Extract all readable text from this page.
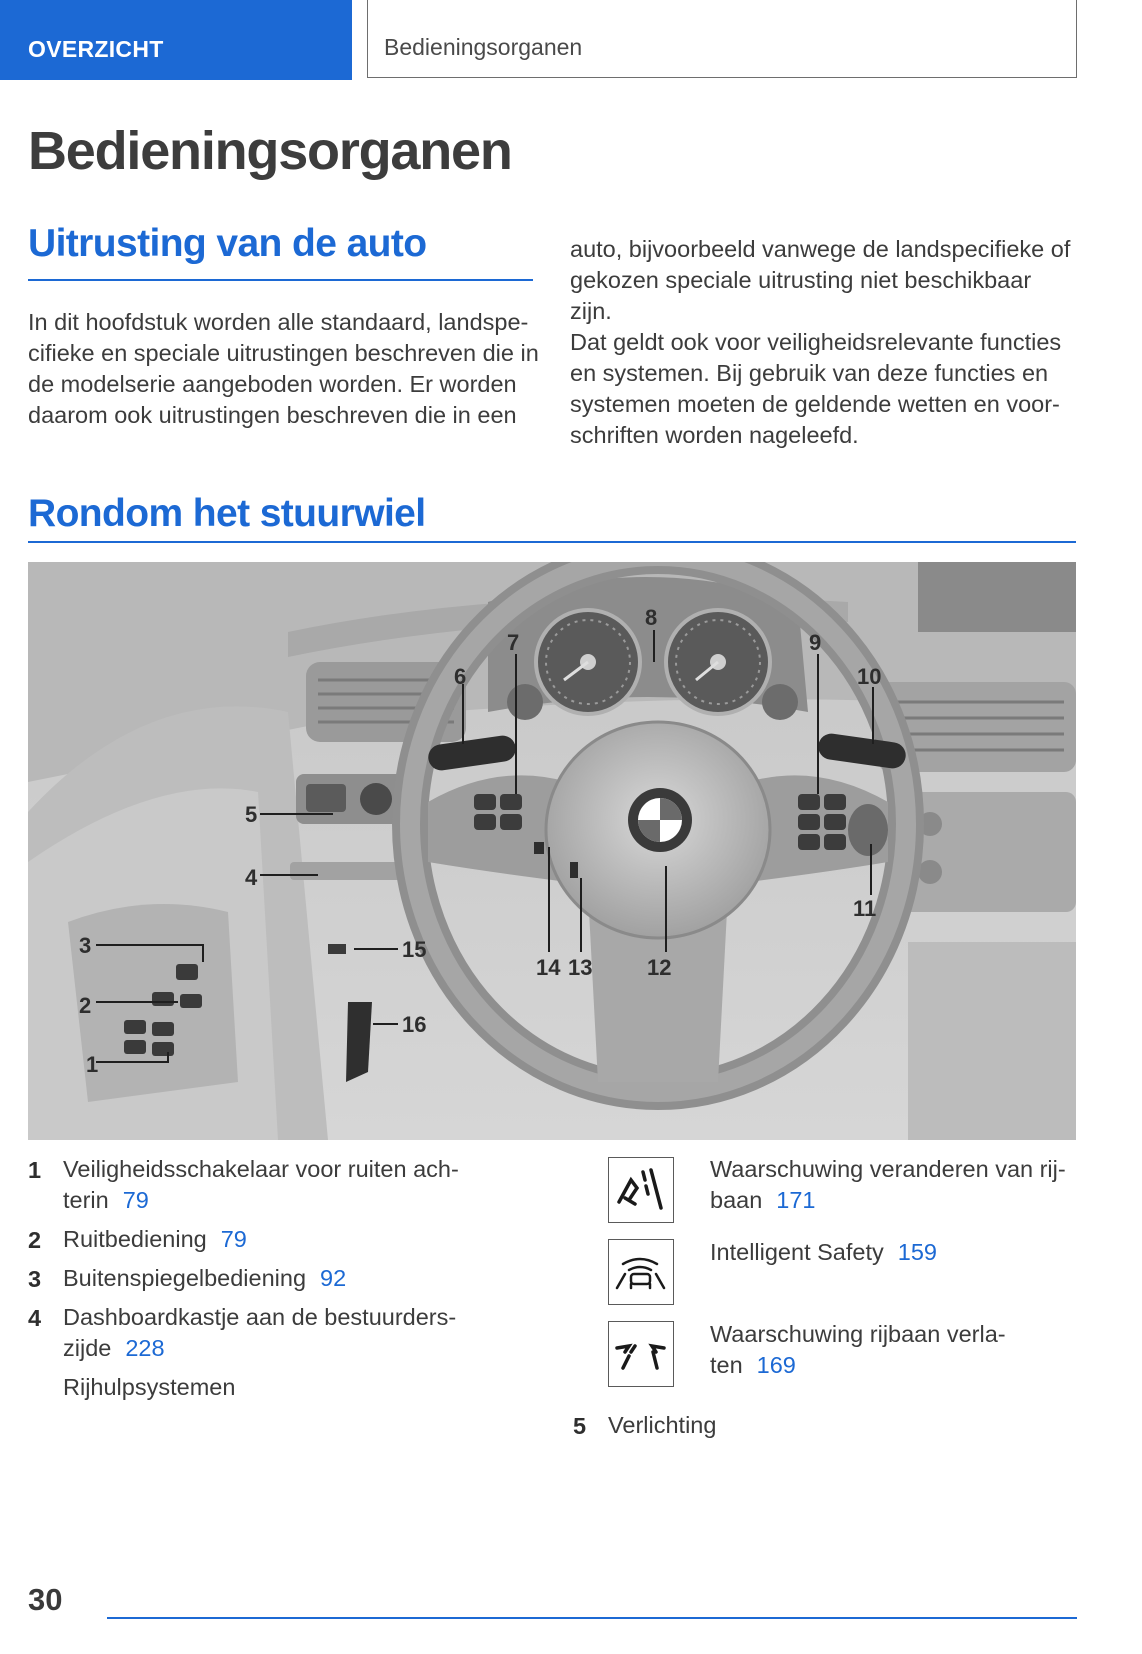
OVERZICHT	Bedieningsorganen
Bedieningsorganen
Uitrusting van de auto

In dit hoofdstuk worden alle standaard, landspe-

cifieke en speciale uitrustingen beschreven die in

de modelserie aangeboden worden. Er worden

daarom ook uitrustingen beschreven die in een

auto, bijvoorbeeld vanwege de landspecifieke of

gekozen speciale uitrusting niet beschikbaar zijn.

Dat geldt ook voor veiligheidsrelevante functies

en systemen. Bij gebruik van deze functies en

systemen moeten de geldende wetten en voor-

schriften worden nageleefd.

Rondom het stuurwiel
1
2
3
4
5
6
7
8
9
10
11
12
13
14
15
16
1 Veiligheidsschakelaar voor ruiten ach-

terin 79

2 Ruitbediening 79

3 Buitenspiegelbediening 92

4 Dashboardkastje aan de bestuurders-

zijde 228

Rijhulpsystemen

Waarschuwing veranderen van rij-

baan 171

Intelligent Safety 159

Waarschuwing rijbaan verla-

ten 169

5 Verlichting

30
